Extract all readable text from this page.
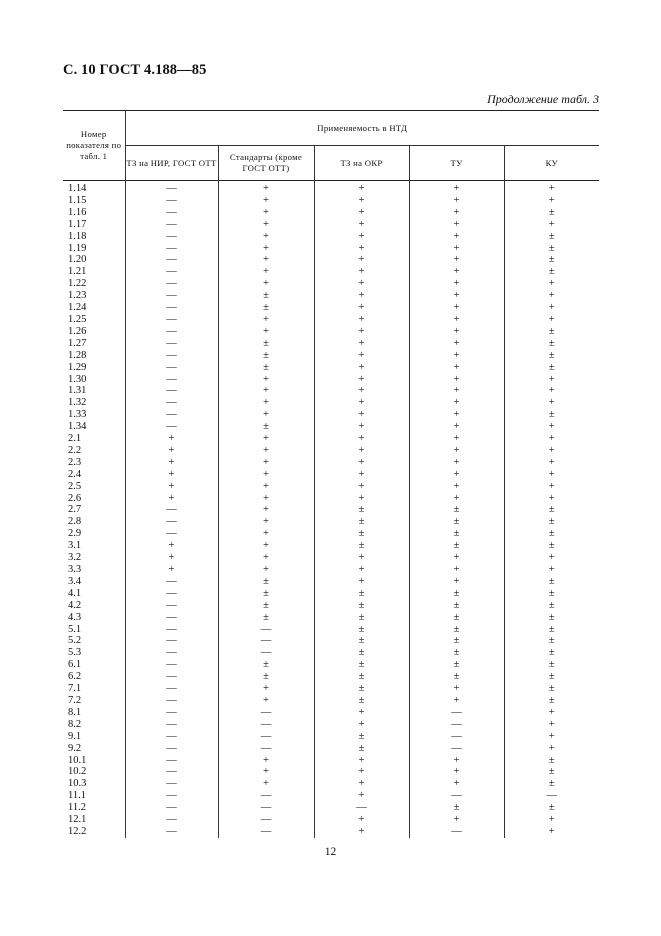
С. 10 ГОСТ 4.188—85
Продолжение табл. 3
Номер показателя по табл. 1	Применяемость в НТД				
	ТЗ на НИР, ГОСТ ОТТ	Стандарты (кроме ГОСТ ОТТ)	ТЗ на ОКР	ТУ	КУ
1.14	—	+	+	+	+
1.15	—	+	+	+	+
1.16	—	+	+	+	±
1.17	—	+	+	+	+
1.18	—	+	+	+	±
1.19	—	+	+	+	±
1.20	—	+	+	+	±
1.21	—	+	+	+	±
1.22	—	+	+	+	+
1.23	—	±	+	+	+
1.24	—	±	+	+	+
1.25	—	+	+	+	+
1.26	—	+	+	+	±
1.27	—	±	+	+	±
1.28	—	±	+	+	±
1.29	—	±	+	+	±
1.30	—	+	+	+	+
1.31	—	+	+	+	+
1.32	—	+	+	+	+
1.33	—	+	+	+	±
1.34	—	±	+	+	+
2.1	+	+	+	+	+
2.2	+	+	+	+	+
2.3	+	+	+	+	+
2.4	+	+	+	+	+
2.5	+	+	+	+	+
2.6	+	+	+	+	+
2.7	—	+	±	±	±
2.8	—	+	±	±	±
2.9	—	+	±	±	±
3.1	+	+	±	±	±
3.2	+	+	+	+	+
3.3	+	+	+	+	+
3.4	—	±	+	+	±
4.1	—	±	±	±	±
4.2	—	±	±	±	±
4.3	—	±	±	±	±
5.1	—	—	±	±	±
5.2	—	—	±	±	±
5.3	—	—	±	±	±
6.1	—	±	±	±	±
6.2	—	±	±	±	±
7.1	—	+	±	+	±
7.2	—	+	±	+	±
8.1	—	—	+	—	+
8.2	—	—	+	—	+
9.1	—	—	±	—	+
9.2	—	—	±	—	+
10.1	—	+	+	+	±
10.2	—	+	+	+	±
10.3	—	+	+	+	±
11.1	—	—	+	—	—
11.2	—	—	—	±	±
12.1	—	—	+	+	+
12.2	—	—	+	—	+
12
